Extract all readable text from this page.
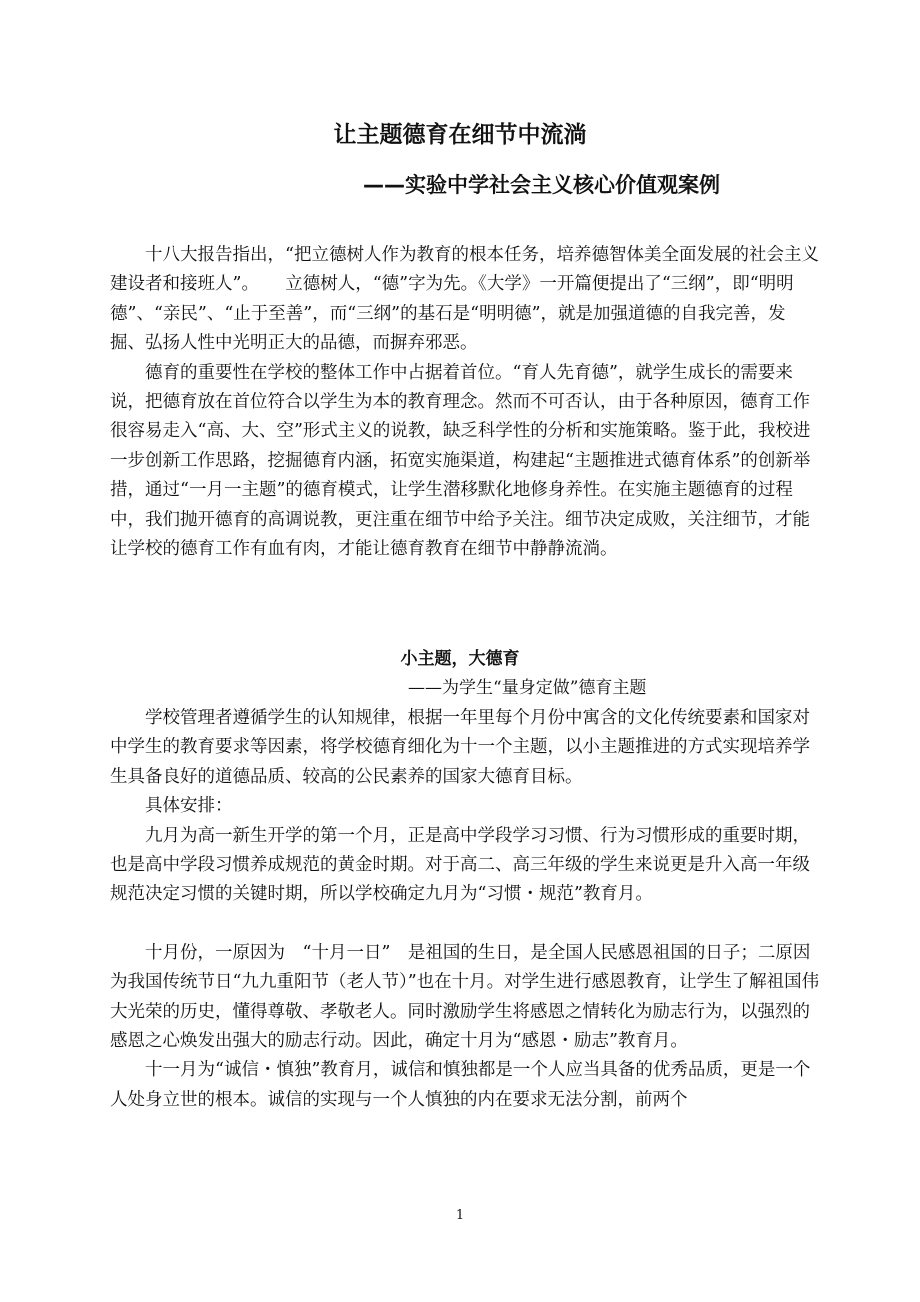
让主题德育在细节中流淌
——实验中学社会主义核心价值观案例

十八大报告指出，“把立德树人作为教育的根本任务，培养德智体美全面发展的社会主义建设者和接班人”。　　立德树人，“德”字为先。《大学》一开篇便提出了“三纲”，即“明明德”、“亲民”、“止于至善”，而“三纲”的基石是“明明德”，就是加强道德的自我完善，发掘、弘扬人性中光明正大的品德，而摒弃邪恶。

德育的重要性在学校的整体工作中占据着首位。“育人先育德”，就学生成长的需要来说，把德育放在首位符合以学生为本的教育理念。然而不可否认，由于各种原因，德育工作很容易走入“高、大、空”形式主义的说教，缺乏科学性的分析和实施策略。鉴于此，我校进一步创新工作思路，挖掘德育内涵，拓宽实施渠道，构建起“主题推进式德育体系”的创新举措，通过“一月一主题”的德育模式，让学生潜移默化地修身养性。在实施主题德育的过程中，我们抛开德育的高调说教，更注重在细节中给予关注。细节决定成败，关注细节，才能让学校的德育工作有血有肉，才能让德育教育在细节中静静流淌。

小主题，大德育
——为学生“量身定做”德育主题

学校管理者遵循学生的认知规律，根据一年里每个月份中寓含的文化传统要素和国家对中学生的教育要求等因素，将学校德育细化为十一个主题，以小主题推进的方式实现培养学生具备良好的道德品质、较高的公民素养的国家大德育目标。

具体安排：

九月为高一新生开学的第一个月，正是高中学段学习习惯、行为习惯形成的重要时期，也是高中学段习惯养成规范的黄金时期。对于高二、高三年级的学生来说更是升入高一年级规范决定习惯的关键时期，所以学校确定九月为“习惯・规范”教育月。

十月份，一原因为　“十月一日”　是祖国的生日，是全国人民感恩祖国的日子；二原因为我国传统节日“九九重阳节（老人节）”也在十月。对学生进行感恩教育，让学生了解祖国伟大光荣的历史，懂得尊敬、孝敬老人。同时激励学生将感恩之情转化为励志行为，以强烈的感恩之心焕发出强大的励志行动。因此，确定十月为“感恩・励志”教育月。

十一月为“诚信・慎独”教育月，诚信和慎独都是一个人应当具备的优秀品质，更是一个人处身立世的根本。诚信的实现与一个人慎独的内在要求无法分割，前两个

1
